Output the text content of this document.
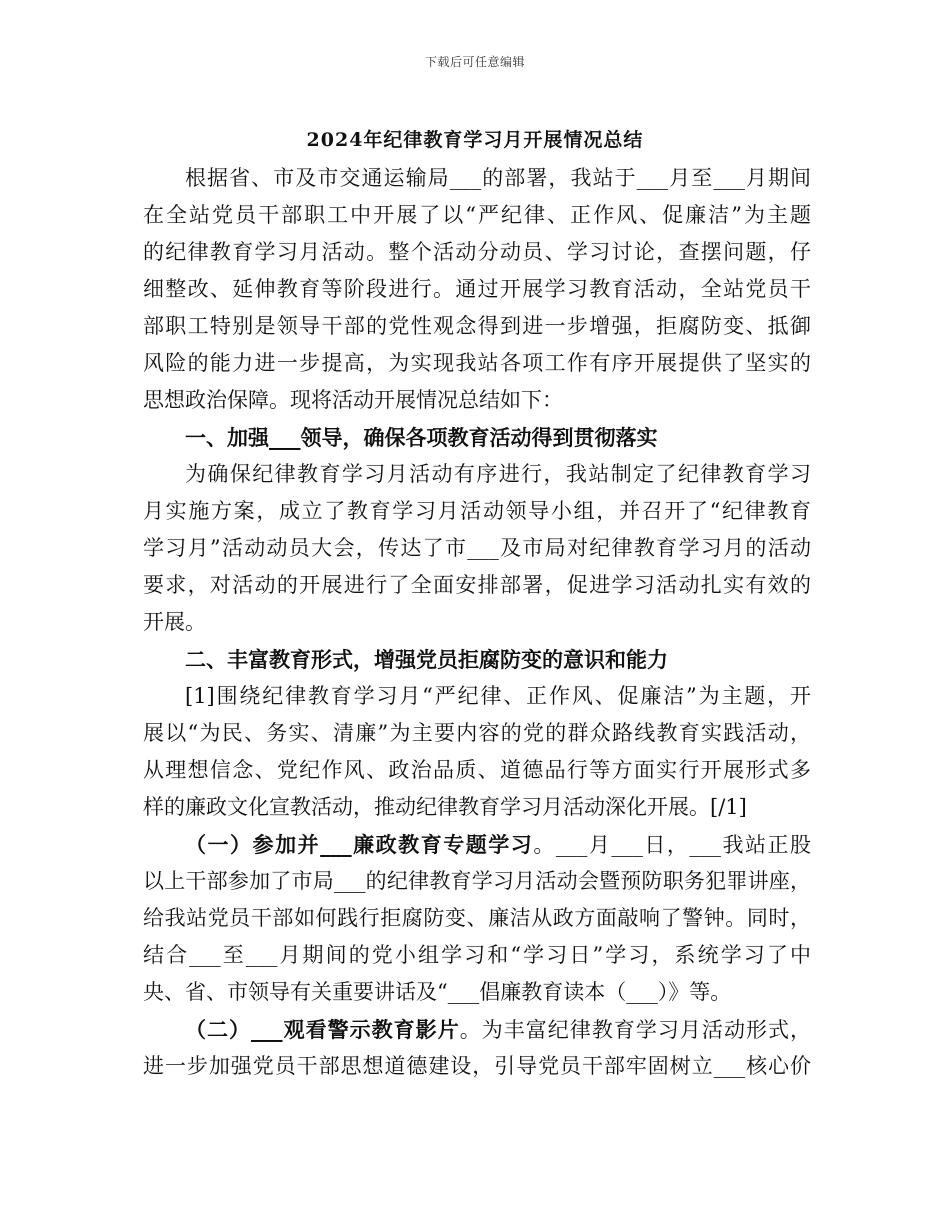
下载后可任意编辑
2024年纪律教育学习月开展情况总结
根据省、市及市交通运输局___的部署，我站于___月至___月期间
在全站党员干部职工中开展了以“严纪律、正作风、促廉洁”为主题
的纪律教育学习月活动。整个活动分动员、学习讨论，查摆问题，仔
细整改、延伸教育等阶段进行。通过开展学习教育活动，全站党员干
部职工特别是领导干部的党性观念得到进一步增强，拒腐防变、抵御
风险的能力进一步提高，为实现我站各项工作有序开展提供了坚实的
思想政治保障。现将活动开展情况总结如下：
一、加强___领导，确保各项教育活动得到贯彻落实
为确保纪律教育学习月活动有序进行，我站制定了纪律教育学习
月实施方案，成立了教育学习月活动领导小组，并召开了“纪律教育
学习月”活动动员大会，传达了市___及市局对纪律教育学习月的活动
要求，对活动的开展进行了全面安排部署，促进学习活动扎实有效的
开展。
二、丰富教育形式，增强党员拒腐防变的意识和能力
[1]围绕纪律教育学习月“严纪律、正作风、促廉洁”为主题，开
展以“为民、务实、清廉”为主要内容的党的群众路线教育实践活动，
从理想信念、党纪作风、政治品质、道德品行等方面实行开展形式多
样的廉政文化宣教活动，推动纪律教育学习月活动深化开展。[/1]
（一）参加并___廉政教育专题学习。___月___日，___我站正股
以上干部参加了市局___的纪律教育学习月活动会暨预防职务犯罪讲座，
给我站党员干部如何践行拒腐防变、廉洁从政方面敲响了警钟。同时，
结合___至___月期间的党小组学习和“学习日”学习，系统学习了中
央、省、市领导有关重要讲话及“___倡廉教育读本（___）》等。
（二）___观看警示教育影片。为丰富纪律教育学习月活动形式，
进一步加强党员干部思想道德建设，引导党员干部牢固树立___核心价
